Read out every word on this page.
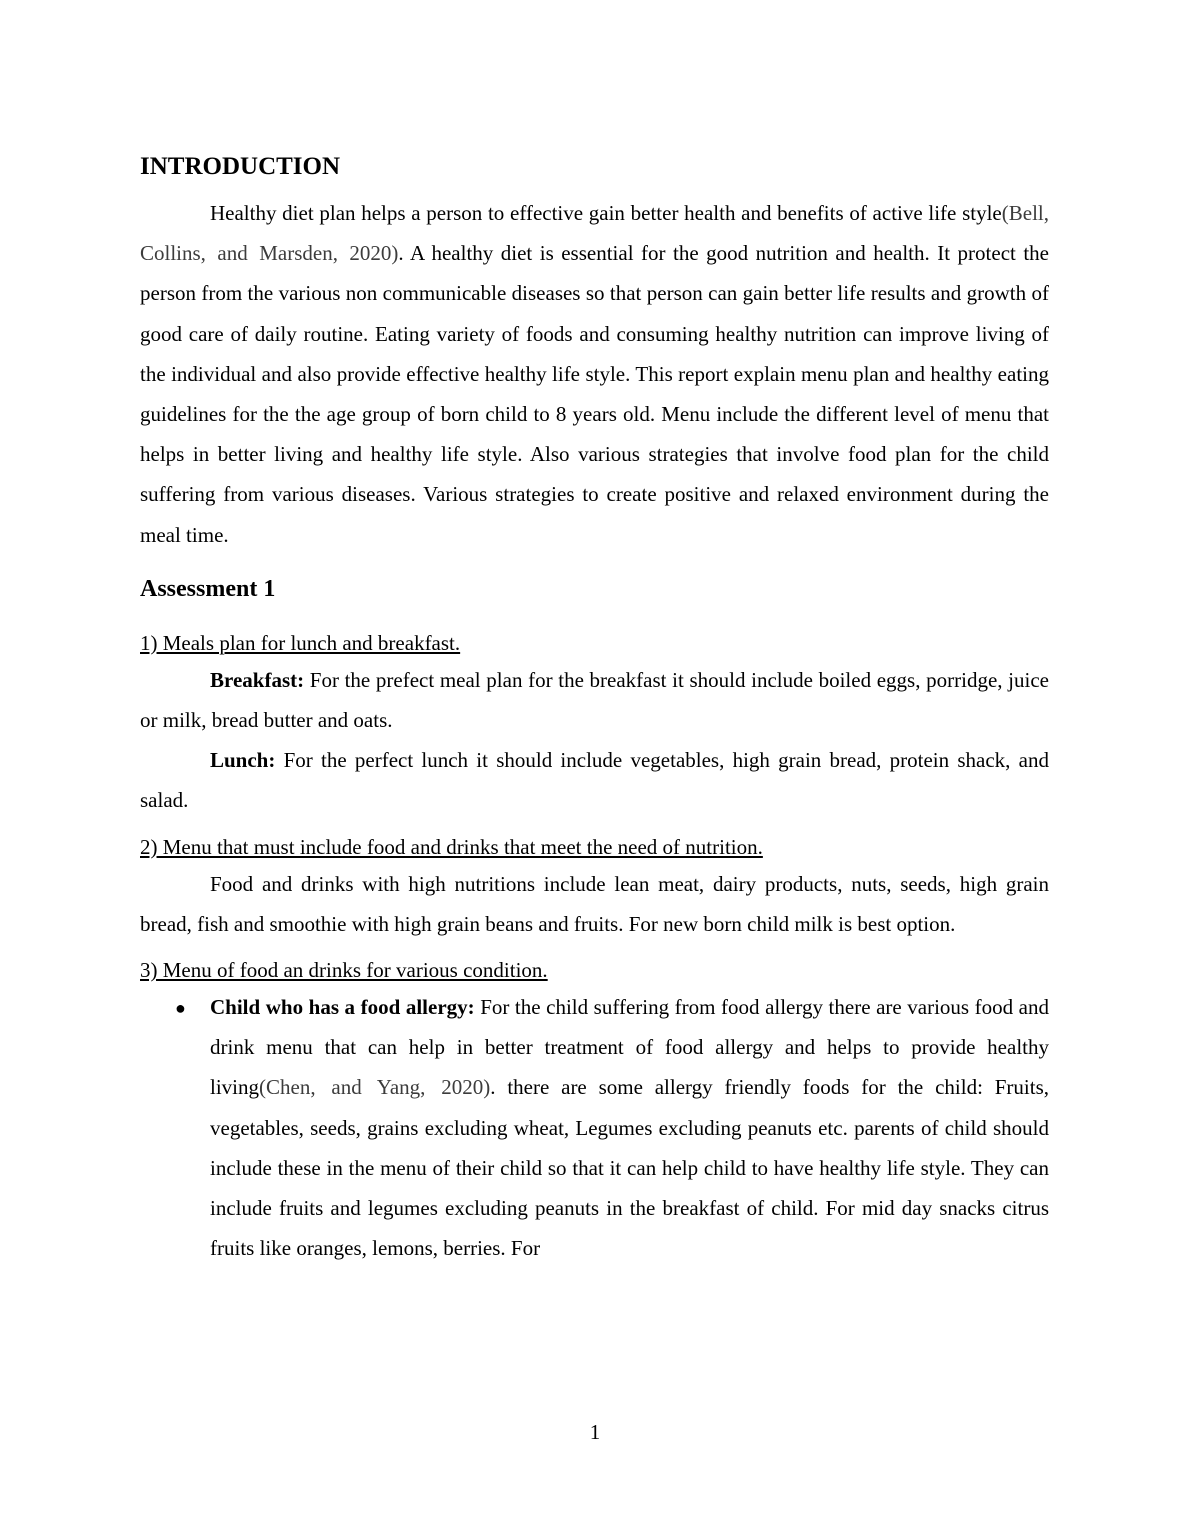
INTRODUCTION

Healthy diet plan helps a person to effective gain better health and benefits of active life style(Bell, Collins, and Marsden, 2020). A healthy diet is essential for the good nutrition and health. It protect the person from the various non communicable diseases so that person can gain better life results and growth of good care of daily routine. Eating variety of foods and consuming healthy nutrition can improve living of the individual and also provide effective healthy life style. This report explain menu plan and healthy eating guidelines for the the age group of born child to 8 years old. Menu include the different level of menu that helps in better living and healthy life style. Also various strategies that involve food plan for the child suffering from various diseases. Various strategies to create positive and relaxed environment during the meal time.

Assessment 1
1) Meals plan for lunch and breakfast.

Breakfast: For the prefect meal plan for the breakfast it should include boiled eggs, porridge, juice or milk, bread butter and oats.

Lunch: For the perfect lunch it should include vegetables, high grain bread, protein shack, and salad.

2) Menu that must include food and drinks that meet the need of nutrition.

Food and drinks with high nutritions include lean meat, dairy products, nuts, seeds, high grain bread, fish and smoothie with high grain beans and fruits. For new born child milk is best option.

3) Menu of food an drinks for various condition.
● Child who has a food allergy: For the child suffering from food allergy there are various food and drink menu that can help in better treatment of food allergy and helps to provide healthy living(Chen, and Yang, 2020). there are some allergy friendly foods for the child: Fruits, vegetables, seeds, grains excluding wheat, Legumes excluding peanuts etc. parents of child should include these in the menu of their child so that it can help child to have healthy life style. They can include fruits and legumes excluding peanuts in the breakfast of child. For mid day snacks citrus fruits like oranges, lemons, berries. For

1
